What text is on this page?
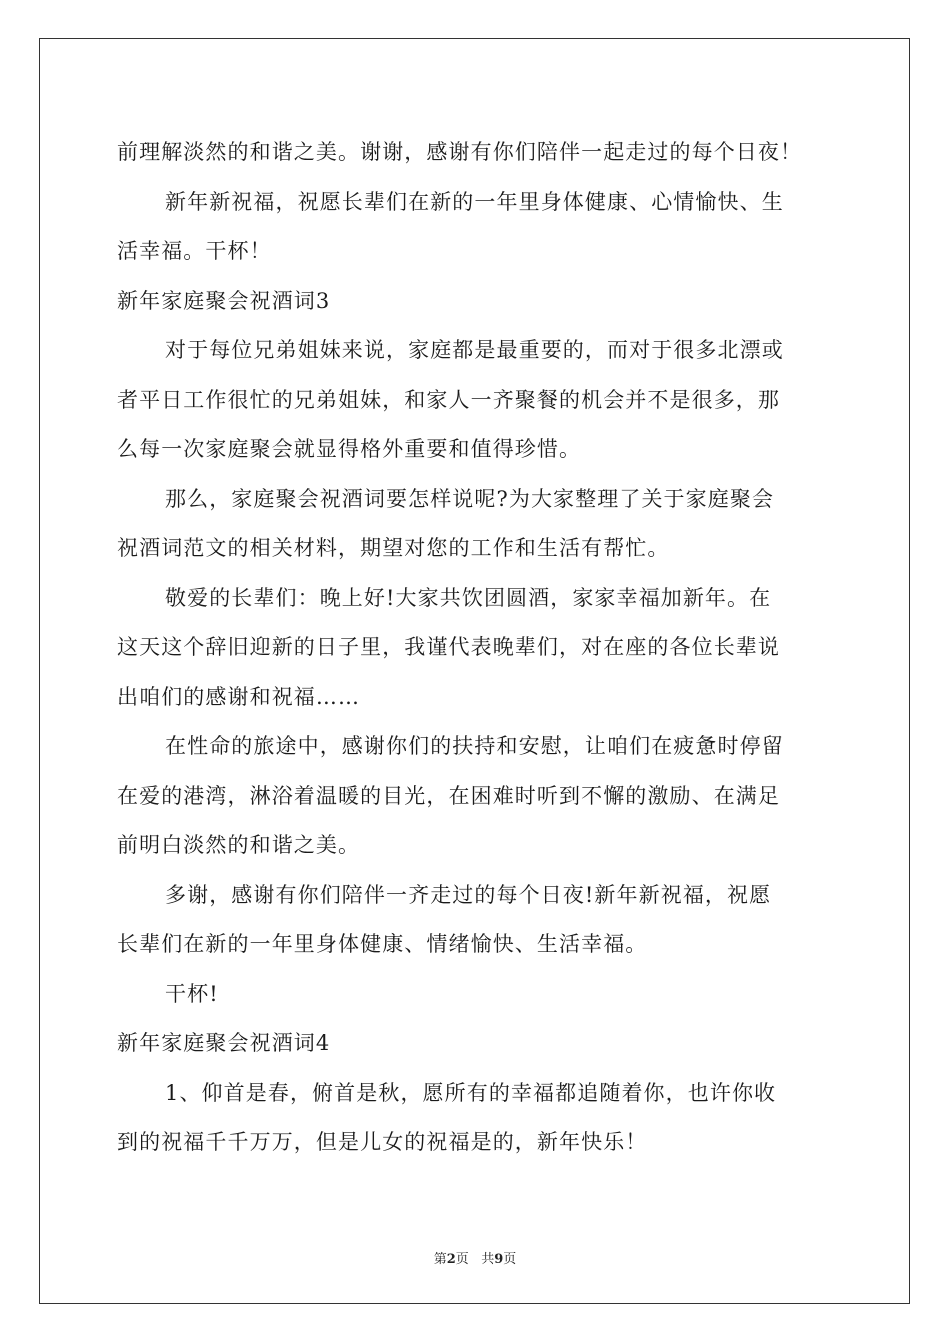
前理解淡然的和谐之美。谢谢，感谢有你们陪伴一起走过的每个日夜！
新年新祝福，祝愿长辈们在新的一年里身体健康、心情愉快、生
活幸福。干杯！
新年家庭聚会祝酒词3
对于每位兄弟姐妹来说，家庭都是最重要的，而对于很多北漂或
者平日工作很忙的兄弟姐妹，和家人一齐聚餐的机会并不是很多，那
么每一次家庭聚会就显得格外重要和值得珍惜。
那么，家庭聚会祝酒词要怎样说呢?为大家整理了关于家庭聚会
祝酒词范文的相关材料，期望对您的工作和生活有帮忙。
敬爱的长辈们：晚上好!大家共饮团圆酒，家家幸福加新年。在
这天这个辞旧迎新的日子里，我谨代表晚辈们，对在座的各位长辈说
出咱们的感谢和祝福……
在性命的旅途中，感谢你们的扶持和安慰，让咱们在疲惫时停留
在爱的港湾，淋浴着温暖的目光，在困难时听到不懈的激励、在满足
前明白淡然的和谐之美。
多谢，感谢有你们陪伴一齐走过的每个日夜!新年新祝福，祝愿
长辈们在新的一年里身体健康、情绪愉快、生活幸福。
干杯!
新年家庭聚会祝酒词4
1、仰首是春，俯首是秋，愿所有的幸福都追随着你，也许你收
到的祝福千千万万，但是儿女的祝福是的，新年快乐！
第2页 共9页
